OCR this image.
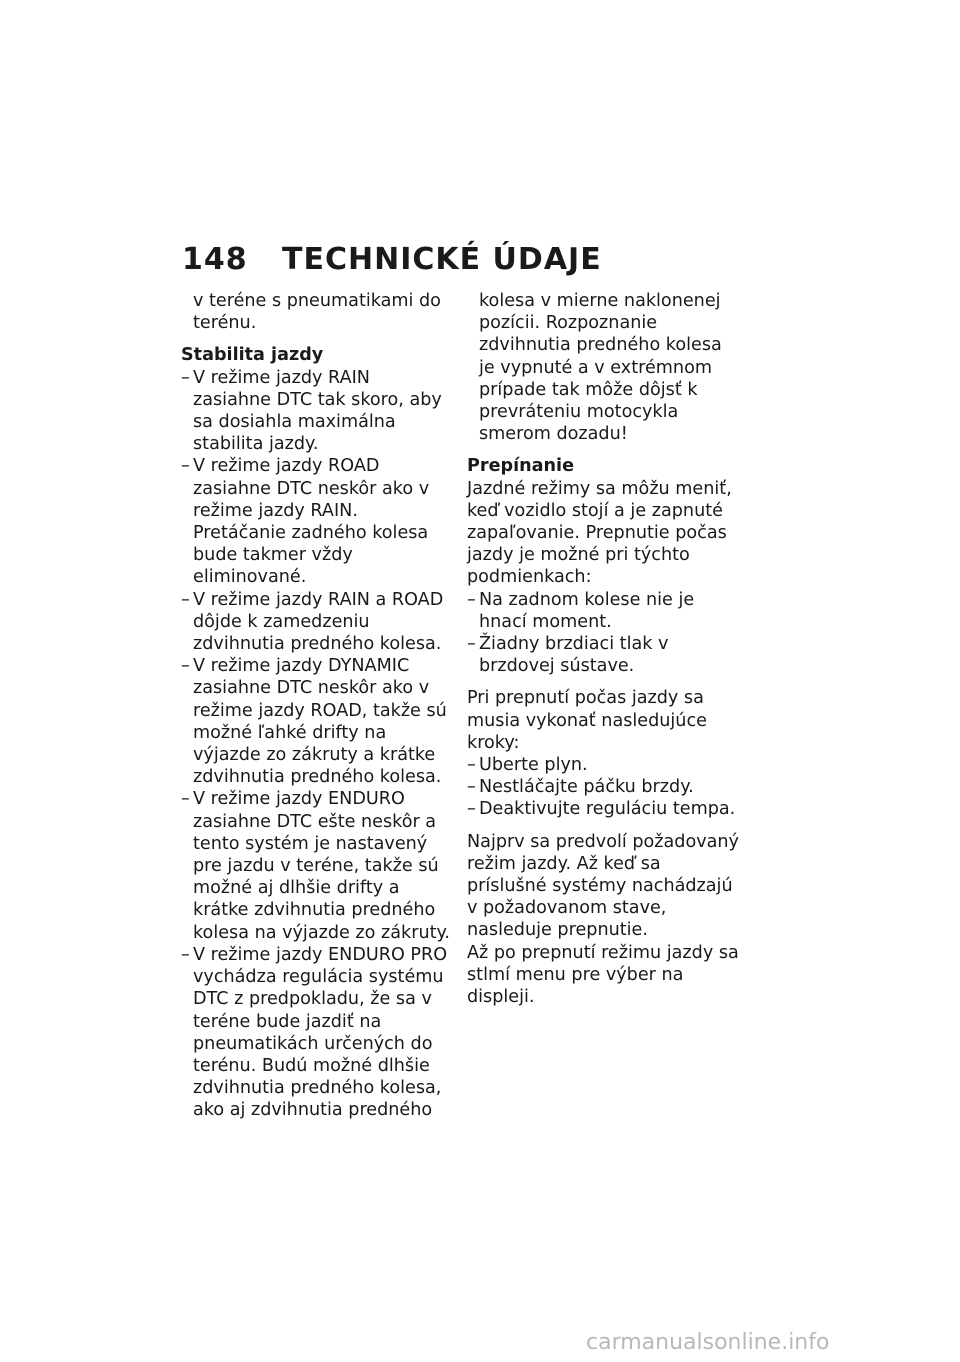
148 TECHNICKÉ ÚDAJE

v teréne s pneumatikami do terénu.

Stabilita jazdy

– V režime jazdy RAIN zasiahne DTC tak skoro, aby sa dosiahla maximálna stabilita jazdy.

– V režime jazdy ROAD zasiahne DTC neskôr ako v režime jazdy RAIN. Pretáčanie zadného kolesa bude takmer vždy eliminované.

– V režime jazdy RAIN a ROAD dôjde k zamedzeniu zdvihnutia predného kolesa.

– V režime jazdy DYNAMIC zasiahne DTC neskôr ako v režime jazdy ROAD, takže sú možné ľahké drifty na výjazde zo zákruty a krátke zdvihnutia predného kolesa.

– V režime jazdy ENDURO zasiahne DTC ešte neskôr a tento systém je nastavený pre jazdu v teréne, takže sú možné aj dlhšie drifty a krátke zdvihnutia predného kolesa na výjazde zo zákruty.

– V režime jazdy ENDURO PRO vychádza regulácia systému DTC z predpokladu, že sa v teréne bude jazdiť na pneumatikách určených do terénu. Budú možné dlhšie zdvihnutia predného kolesa, ako aj zdvihnutia predného

kolesa v mierne naklonenej pozícii. Rozpoznanie zdvihnutia predného kolesa je vypnuté a v extrémnom prípade tak môže dôjsť k prevráteniu motocykla smerom dozadu!

Prepínanie

Jazdné režimy sa môžu meniť, keď vozidlo stojí a je zapnuté zapaľovanie. Prepnutie počas jazdy je možné pri týchto podmienkach:

– Na zadnom kolese nie je hnací moment.

– Žiadny brzdiaci tlak v brzdovej sústave.

Pri prepnutí počas jazdy sa musia vykonať nasledujúce kroky:

– Uberte plyn.

– Nestláčajte páčku brzdy.

– Deaktivujte reguláciu tempa.

Najprv sa predvolí požadovaný režim jazdy. Až keď sa príslušné systémy nachádzajú v požadovanom stave, nasleduje prepnutie.

Až po prepnutí režimu jazdy sa stlmí menu pre výber na displeji.

carmanualsonline.info
